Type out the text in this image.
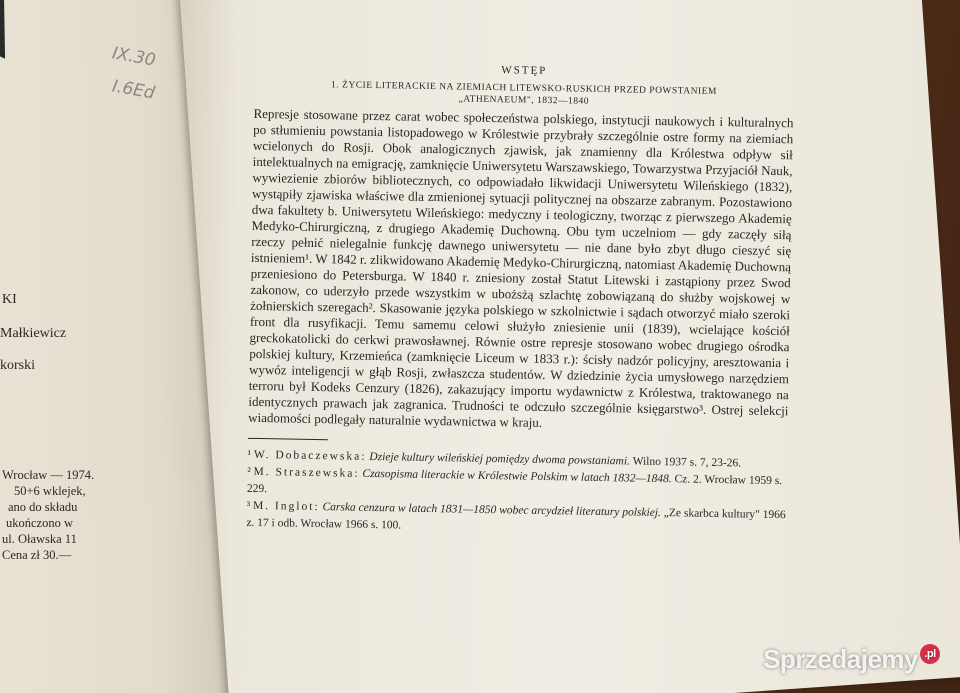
IX.30
I.6Ed
KI
Małkiewicz
korski
Wrocław — 1974.
50+6 wklejek,
ano do składu
ukończono w
ul. Oławska 11
Cena zł 30.—
WSTĘP
1. ŻYCIE LITERACKIE NA ZIEMIACH LITEWSKO-RUSKICH PRZED POWSTANIEM
„ATHENAEUM", 1832—1840

Represje stosowane przez carat wobec społeczeństwa polskiego, instytucji naukowych i kulturalnych po stłumieniu powstania listopadowego w Królestwie przybrały szczególnie ostre formy na ziemiach wcielonych do Rosji. Obok analogicznych zjawisk, jak znamienny dla Królestwa odpływ sił intelektualnych na emigrację, zamknięcie Uniwersytetu Warszawskiego, Towarzystwa Przyjaciół Nauk, wywiezienie zbiorów bibliotecznych, co odpowiadało likwidacji Uniwersytetu Wileńskiego (1832), wystąpiły zjawiska właściwe dla zmienionej sytuacji politycznej na obszarze zabranym. Pozostawiono dwa fakultety b. Uniwersytetu Wileńskiego: medyczny i teologiczny, tworząc z pierwszego Akademię Medyko-Chirurgiczną, z drugiego Akademię Duchowną. Obu tym uczelniom — gdy zaczęły siłą rzeczy pełnić nielegalnie funkcję dawnego uniwersytetu — nie dane było zbyt długo cieszyć się istnieniem¹. W 1842 r. zlikwidowano Akademię Medyko-Chirurgiczną, natomiast Akademię Duchowną przeniesiono do Petersburga. W 1840 r. zniesiony został Statut Litewski i zastąpiony przez Swod zakonow, co uderzyło przede wszystkim w ubożsżą szlachtę zobowiązaną do służby wojskowej w żołnierskich szeregach². Skasowanie języka polskiego w szkolnictwie i sądach otworzyć miało szeroki front dla rusyfikacji. Temu samemu celowi służyło zniesienie unii (1839), wcielające kościół greckokatolicki do cerkwi prawosławnej. Równie ostre represje stosowano wobec drugiego ośrodka polskiej kultury, Krzemieńca (zamknięcie Liceum w 1833 r.): ścisły nadzór policyjny, aresztowania i wywóz inteligencji w głąb Rosji, zwłaszcza studentów. W dziedzinie życia umysłowego narzędziem terroru był Kodeks Cenzury (1826), zakazujący importu wydawnictw z Królestwa, traktowanego na identycznych prawach jak zagranica. Trudności te odczuło szczególnie księgarstwo³. Ostrej selekcji wiadomości podlegały naturalnie wydawnictwa w kraju.

¹ W. Dobaczewska: Dzieje kultury wileńskiej pomiędzy dwoma powstaniami. Wilno 1937 s. 7, 23-26.

² M. Straszewska: Czasopisma literackie w Królestwie Polskim w latach 1832—1848. Cz. 2. Wrocław 1959 s. 229.

³ M. Inglot: Carska cenzura w latach 1831—1850 wobec arcydzieł literatury polskiej. „Ze skarbca kultury" 1966 z. 17 i odb. Wrocław 1966 s. 100.

Sprzedajemy .pl
